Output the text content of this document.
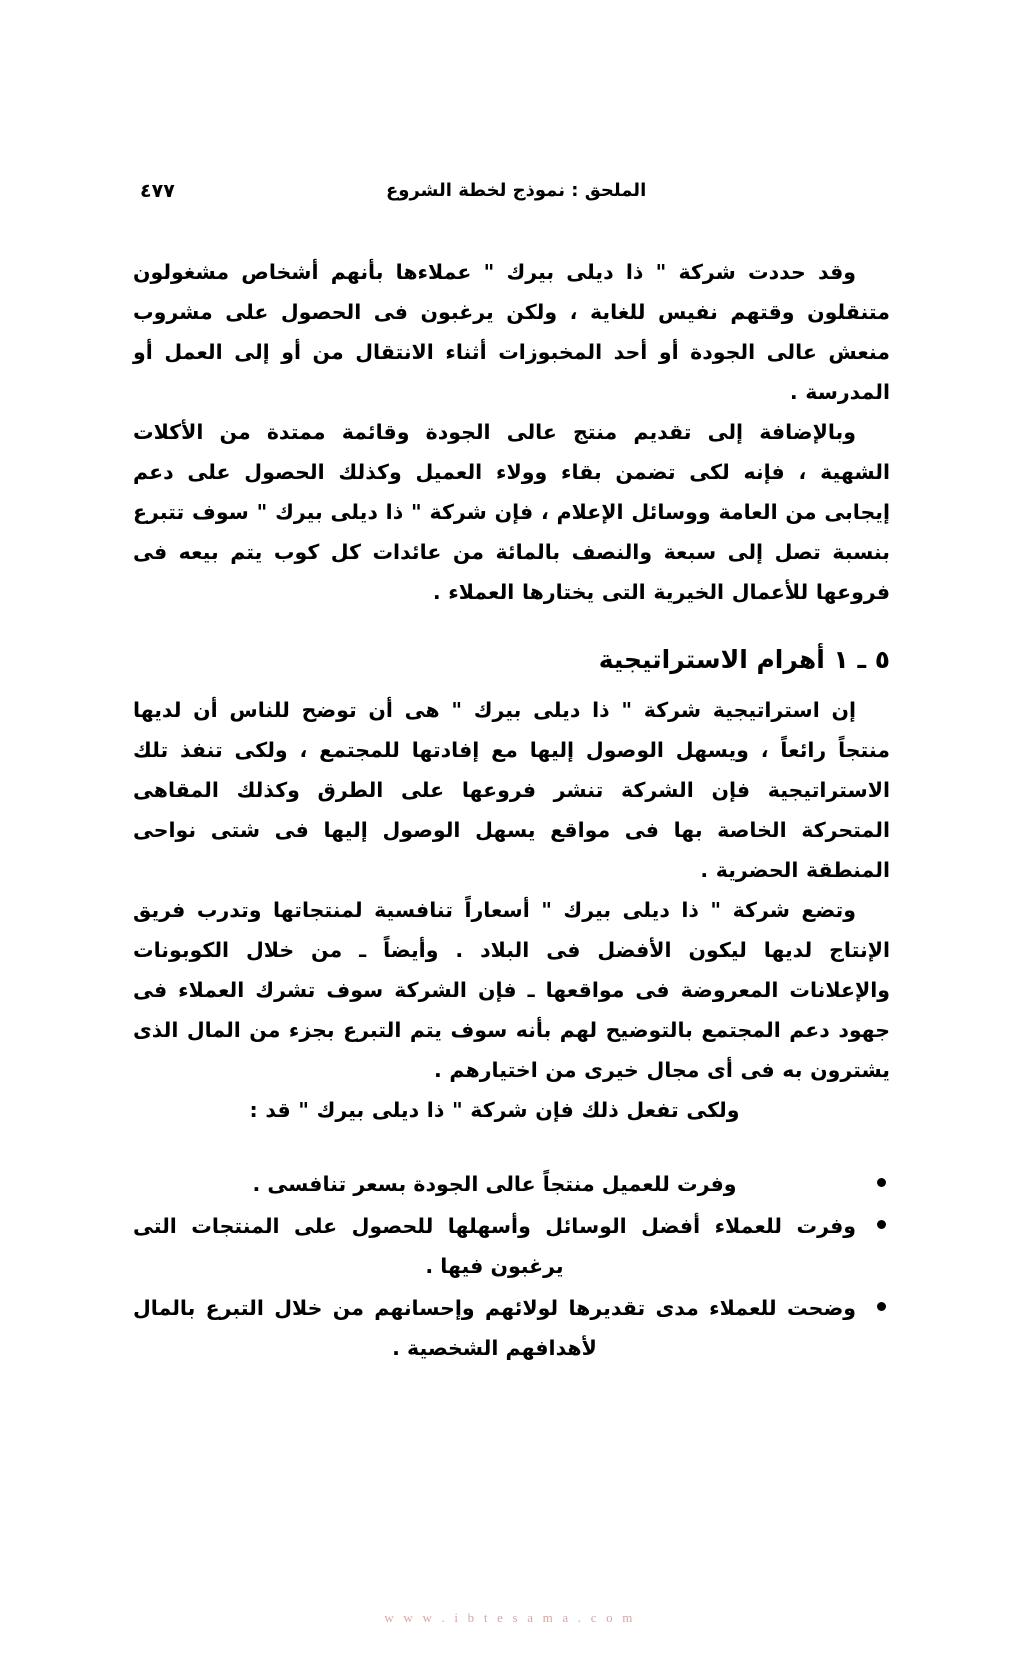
٤٧٧	الملحق : نموذج لخطة الشروع

وقد حددت شركة " ذا ديلى بيرك " عملاءها بأنهم أشخاص مشغولون متنقلون وقتهم نفيس للغاية ، ولكن يرغبون فى الحصول على مشروب منعش عالى الجودة أو أحد المخبوزات أثناء الانتقال من أو إلى العمل أو المدرسة .

وبالإضافة إلى تقديم منتج عالى الجودة وقائمة ممتدة من الأكلات الشهية ، فإنه لكى تضمن بقاء وولاء العميل وكذلك الحصول على دعم إيجابى من العامة ووسائل الإعلام ، فإن شركة " ذا ديلى بيرك " سوف تتبرع بنسبة تصل إلى سبعة والنصف بالمائة من عائدات كل كوب يتم بيعه فى فروعها للأعمال الخيرية التى يختارها العملاء .

٥ ـ ١ أهرام الاستراتيجية

إن استراتيجية شركة " ذا ديلى بيرك " هى أن توضح للناس أن لديها منتجاً رائعاً ، ويسهل الوصول إليها مع إفادتها للمجتمع ، ولكى تنفذ تلك الاستراتيجية فإن الشركة تنشر فروعها على الطرق وكذلك المقاهى المتحركة الخاصة بها فى مواقع يسهل الوصول إليها فى شتى نواحى المنطقة الحضرية .

وتضع شركة " ذا ديلى بيرك " أسعاراً تنافسية لمنتجاتها وتدرب فريق الإنتاج لديها ليكون الأفضل فى البلاد . وأيضاً ـ من خلال الكوبونات والإعلانات المعروضة فى مواقعها ـ فإن الشركة سوف تشرك العملاء فى جهود دعم المجتمع بالتوضيح لهم بأنه سوف يتم التبرع بجزء من المال الذى يشترون به فى أى مجال خيرى من اختيارهم .

ولكى تفعل ذلك فإن شركة " ذا ديلى بيرك " قد :

وفرت للعميل منتجاً عالى الجودة بسعر تنافسى .
وفرت للعملاء أفضل الوسائل وأسهلها للحصول على المنتجات التى يرغبون فيها .
وضحت للعملاء مدى تقديرها لولائهم وإحسانهم من خلال التبرع بالمال لأهدافهم الشخصية .
w w w . i b t e s a m a . c o m
